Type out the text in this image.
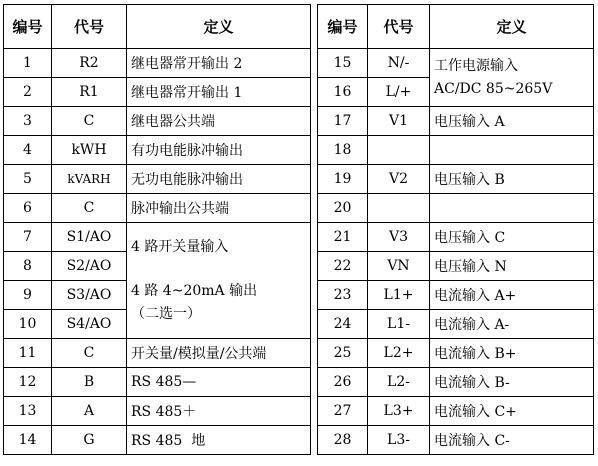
编号	代号	定义
1	R2	继电器常开输出 2
2	R1	继电器常开输出 1
3	C	继电器公共端
4	kWH	有功电能脉冲输出
5	kVARH	无功电能脉冲输出
6	C	脉冲输出公共端
7	S1/AO	4 路开关量输入
4 路 4~20mA 输出
（二选一）

8	S2/AO	
9	S3/AO	
10	S4/AO	
11	C	开关量/模拟量/公共端
12	B	RS 485—
13	A	RS 485＋
14	G	RS 485  地
编号	代号	定义
15	N/-	工作电源输入
AC/DC 85~265V

16	L/+	
17	V1	电压输入 A
18		
19	V2	电压输入 B
20		
21	V3	电压输入 C
22	VN	电压输入 N
23	L1+	电流输入 A+
24	L1-	电流输入 A-
25	L2+	电流输入 B+
26	L2-	电流输入 B-
27	L3+	电流输入 C+
28	L3-	电流输入 C-
